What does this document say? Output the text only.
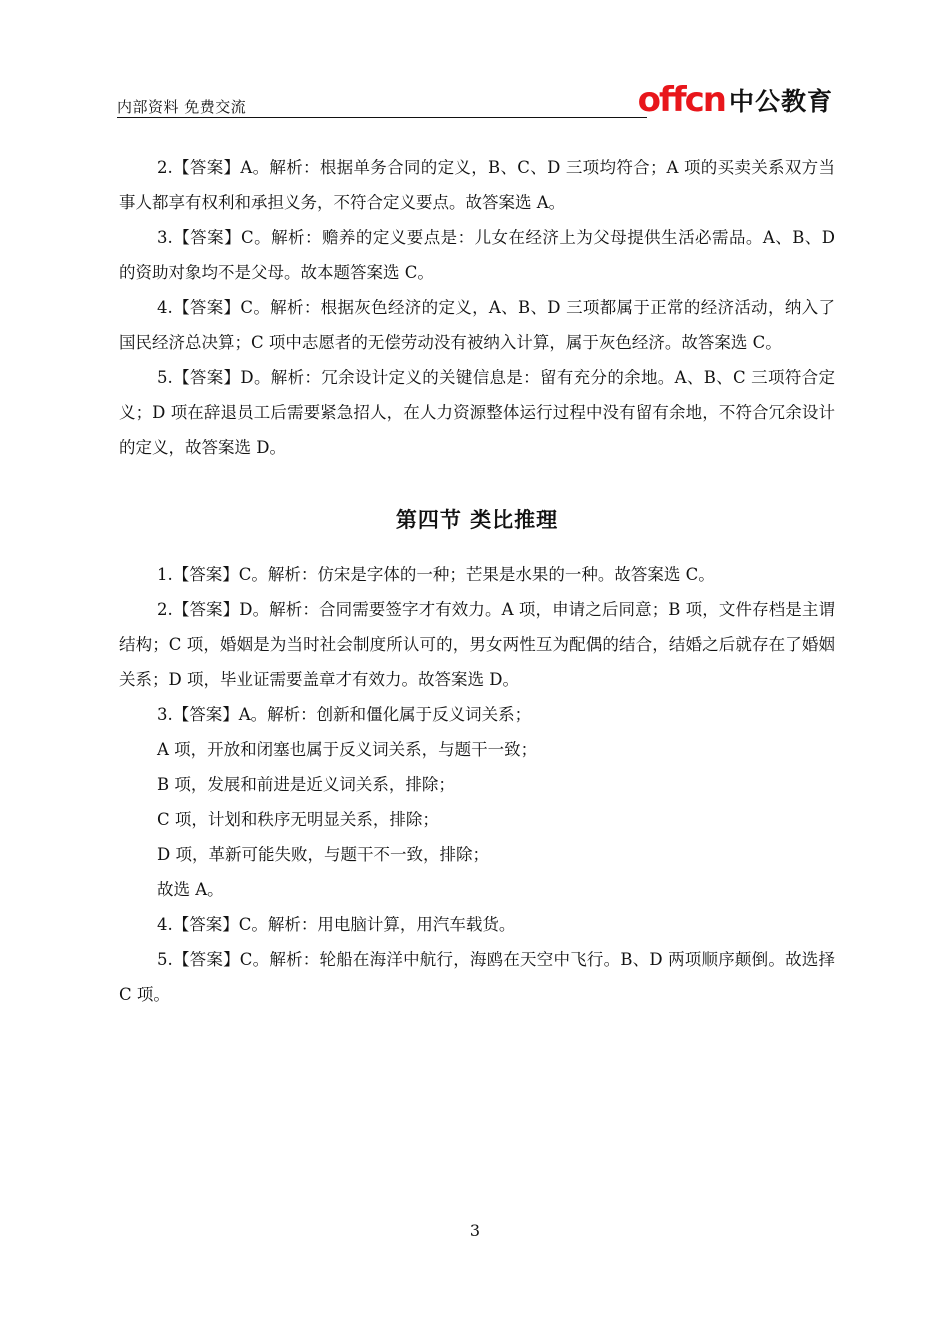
内部资料 免费交流	offcn 中公教育

2.【答案】A。解析：根据单务合同的定义，B、C、D 三项均符合；A 项的买卖关系双方当事人都享有权利和承担义务，不符合定义要点。故答案选 A。

3.【答案】C。解析：赡养的定义要点是：儿女在经济上为父母提供生活必需品。A、B、D 的资助对象均不是父母。故本题答案选 C。

4.【答案】C。解析：根据灰色经济的定义，A、B、D 三项都属于正常的经济活动，纳入了国民经济总决算；C 项中志愿者的无偿劳动没有被纳入计算，属于灰色经济。故答案选 C。

5.【答案】D。解析：冗余设计定义的关键信息是：留有充分的余地。A、B、C 三项符合定义；D 项在辞退员工后需要紧急招人，在人力资源整体运行过程中没有留有余地，不符合冗余设计的定义，故答案选 D。

第四节 类比推理

1.【答案】C。解析：仿宋是字体的一种；芒果是水果的一种。故答案选 C。

2.【答案】D。解析：合同需要签字才有效力。A 项，申请之后同意；B 项，文件存档是主谓结构；C 项，婚姻是为当时社会制度所认可的，男女两性互为配偶的结合，结婚之后就存在了婚姻关系；D 项，毕业证需要盖章才有效力。故答案选 D。

3.【答案】A。解析：创新和僵化属于反义词关系；

A 项，开放和闭塞也属于反义词关系，与题干一致；

B 项，发展和前进是近义词关系，排除；

C 项，计划和秩序无明显关系，排除；

D 项，革新可能失败，与题干不一致，排除；

故选 A。

4.【答案】C。解析：用电脑计算，用汽车载货。

5.【答案】C。解析：轮船在海洋中航行，海鸥在天空中飞行。B、D 两项顺序颠倒。故选择 C 项。

3
